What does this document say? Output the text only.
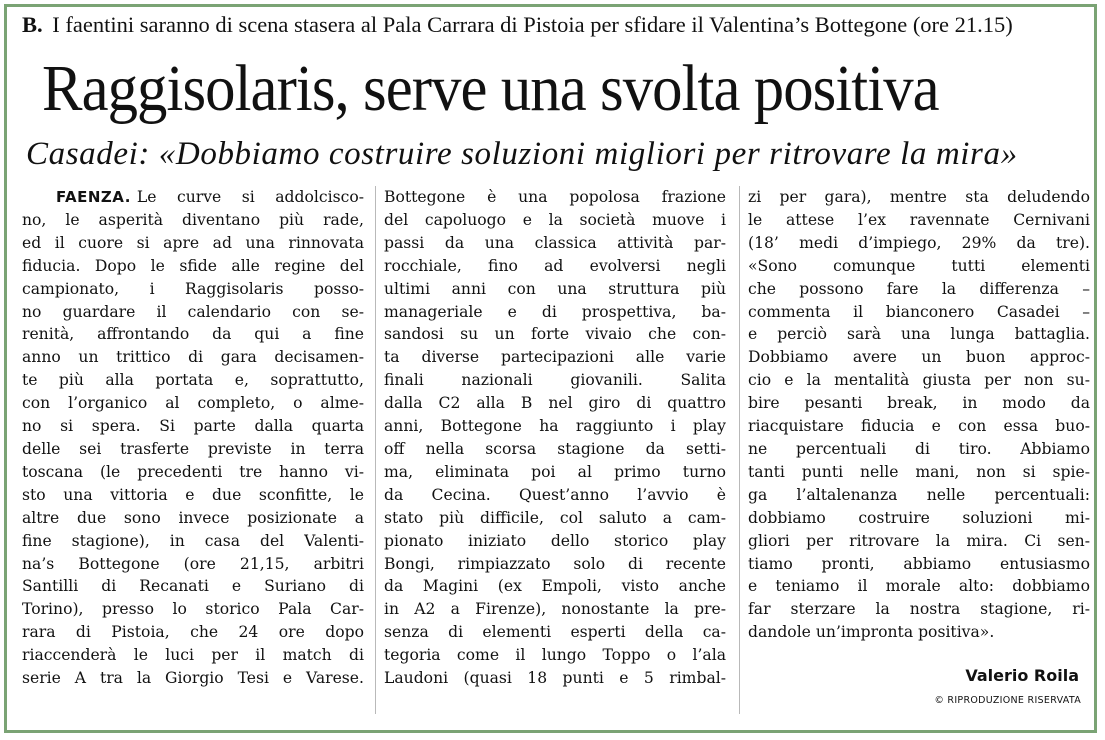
B. I faentini saranno di scena stasera al Pala Carrara di Pistoia per sfidare il Valentina’s Bottegone (ore 21.15)
Raggisolaris, serve una svolta positiva
Casadei: «Dobbiamo costruire soluzioni migliori per ritrovare la mira»
FAENZA. Le curve si addolcisco-
no, le asperità diventano più rade,
ed il cuore si apre ad una rinnovata
fiducia. Dopo le sfide alle regine del
campionato, i Raggisolaris posso-
no guardare il calendario con se-
renità, affrontando da qui a fine
anno un trittico di gara decisamen-
te più alla portata e, soprattutto,
con l’organico al completo, o alme-
no si spera. Si parte dalla quarta
delle sei trasferte previste in terra
toscana (le precedenti tre hanno vi-
sto una vittoria e due sconfitte, le
altre due sono invece posizionate a
fine stagione), in casa del Valenti-
na’s Bottegone (ore 21,15, arbitri
Santilli di Recanati e Suriano di
Torino), presso lo storico Pala Car-
rara di Pistoia, che 24 ore dopo
riaccenderà le luci per il match di
serie A tra la Giorgio Tesi e Varese.
Bottegone è una popolosa frazione
del capoluogo e la società muove i
passi da una classica attività par-
rocchiale, fino ad evolversi negli
ultimi anni con una struttura più
manageriale e di prospettiva, ba-
sandosi su un forte vivaio che con-
ta diverse partecipazioni alle varie
finali nazionali giovanili. Salita
dalla C2 alla B nel giro di quattro
anni, Bottegone ha raggiunto i play
off nella scorsa stagione da setti-
ma, eliminata poi al primo turno
da Cecina. Quest’anno l’avvio è
stato più difficile, col saluto a cam-
pionato iniziato dello storico play
Bongi, rimpiazzato solo di recente
da Magini (ex Empoli, visto anche
in A2 a Firenze), nonostante la pre-
senza di elementi esperti della ca-
tegoria come il lungo Toppo o l’ala
Laudoni (quasi 18 punti e 5 rimbal-
zi per gara), mentre sta deludendo
le attese l’ex ravennate Cernivani
(18’ medi d’impiego, 29% da tre).
«Sono comunque tutti elementi
che possono fare la differenza –
commenta il bianconero Casadei –
e perciò sarà una lunga battaglia.
Dobbiamo avere un buon approc-
cio e la mentalità giusta per non su-
bire pesanti break, in modo da
riacquistare fiducia e con essa buo-
ne percentuali di tiro. Abbiamo
tanti punti nelle mani, non si spie-
ga l’altalenanza nelle percentuali:
dobbiamo costruire soluzioni mi-
gliori per ritrovare la mira. Ci sen-
tiamo pronti, abbiamo entusiasmo
e teniamo il morale alto: dobbiamo
far sterzare la nostra stagione, ri-
dandole un’impronta positiva».
Valerio Roila
© RIPRODUZIONE RISERVATA
